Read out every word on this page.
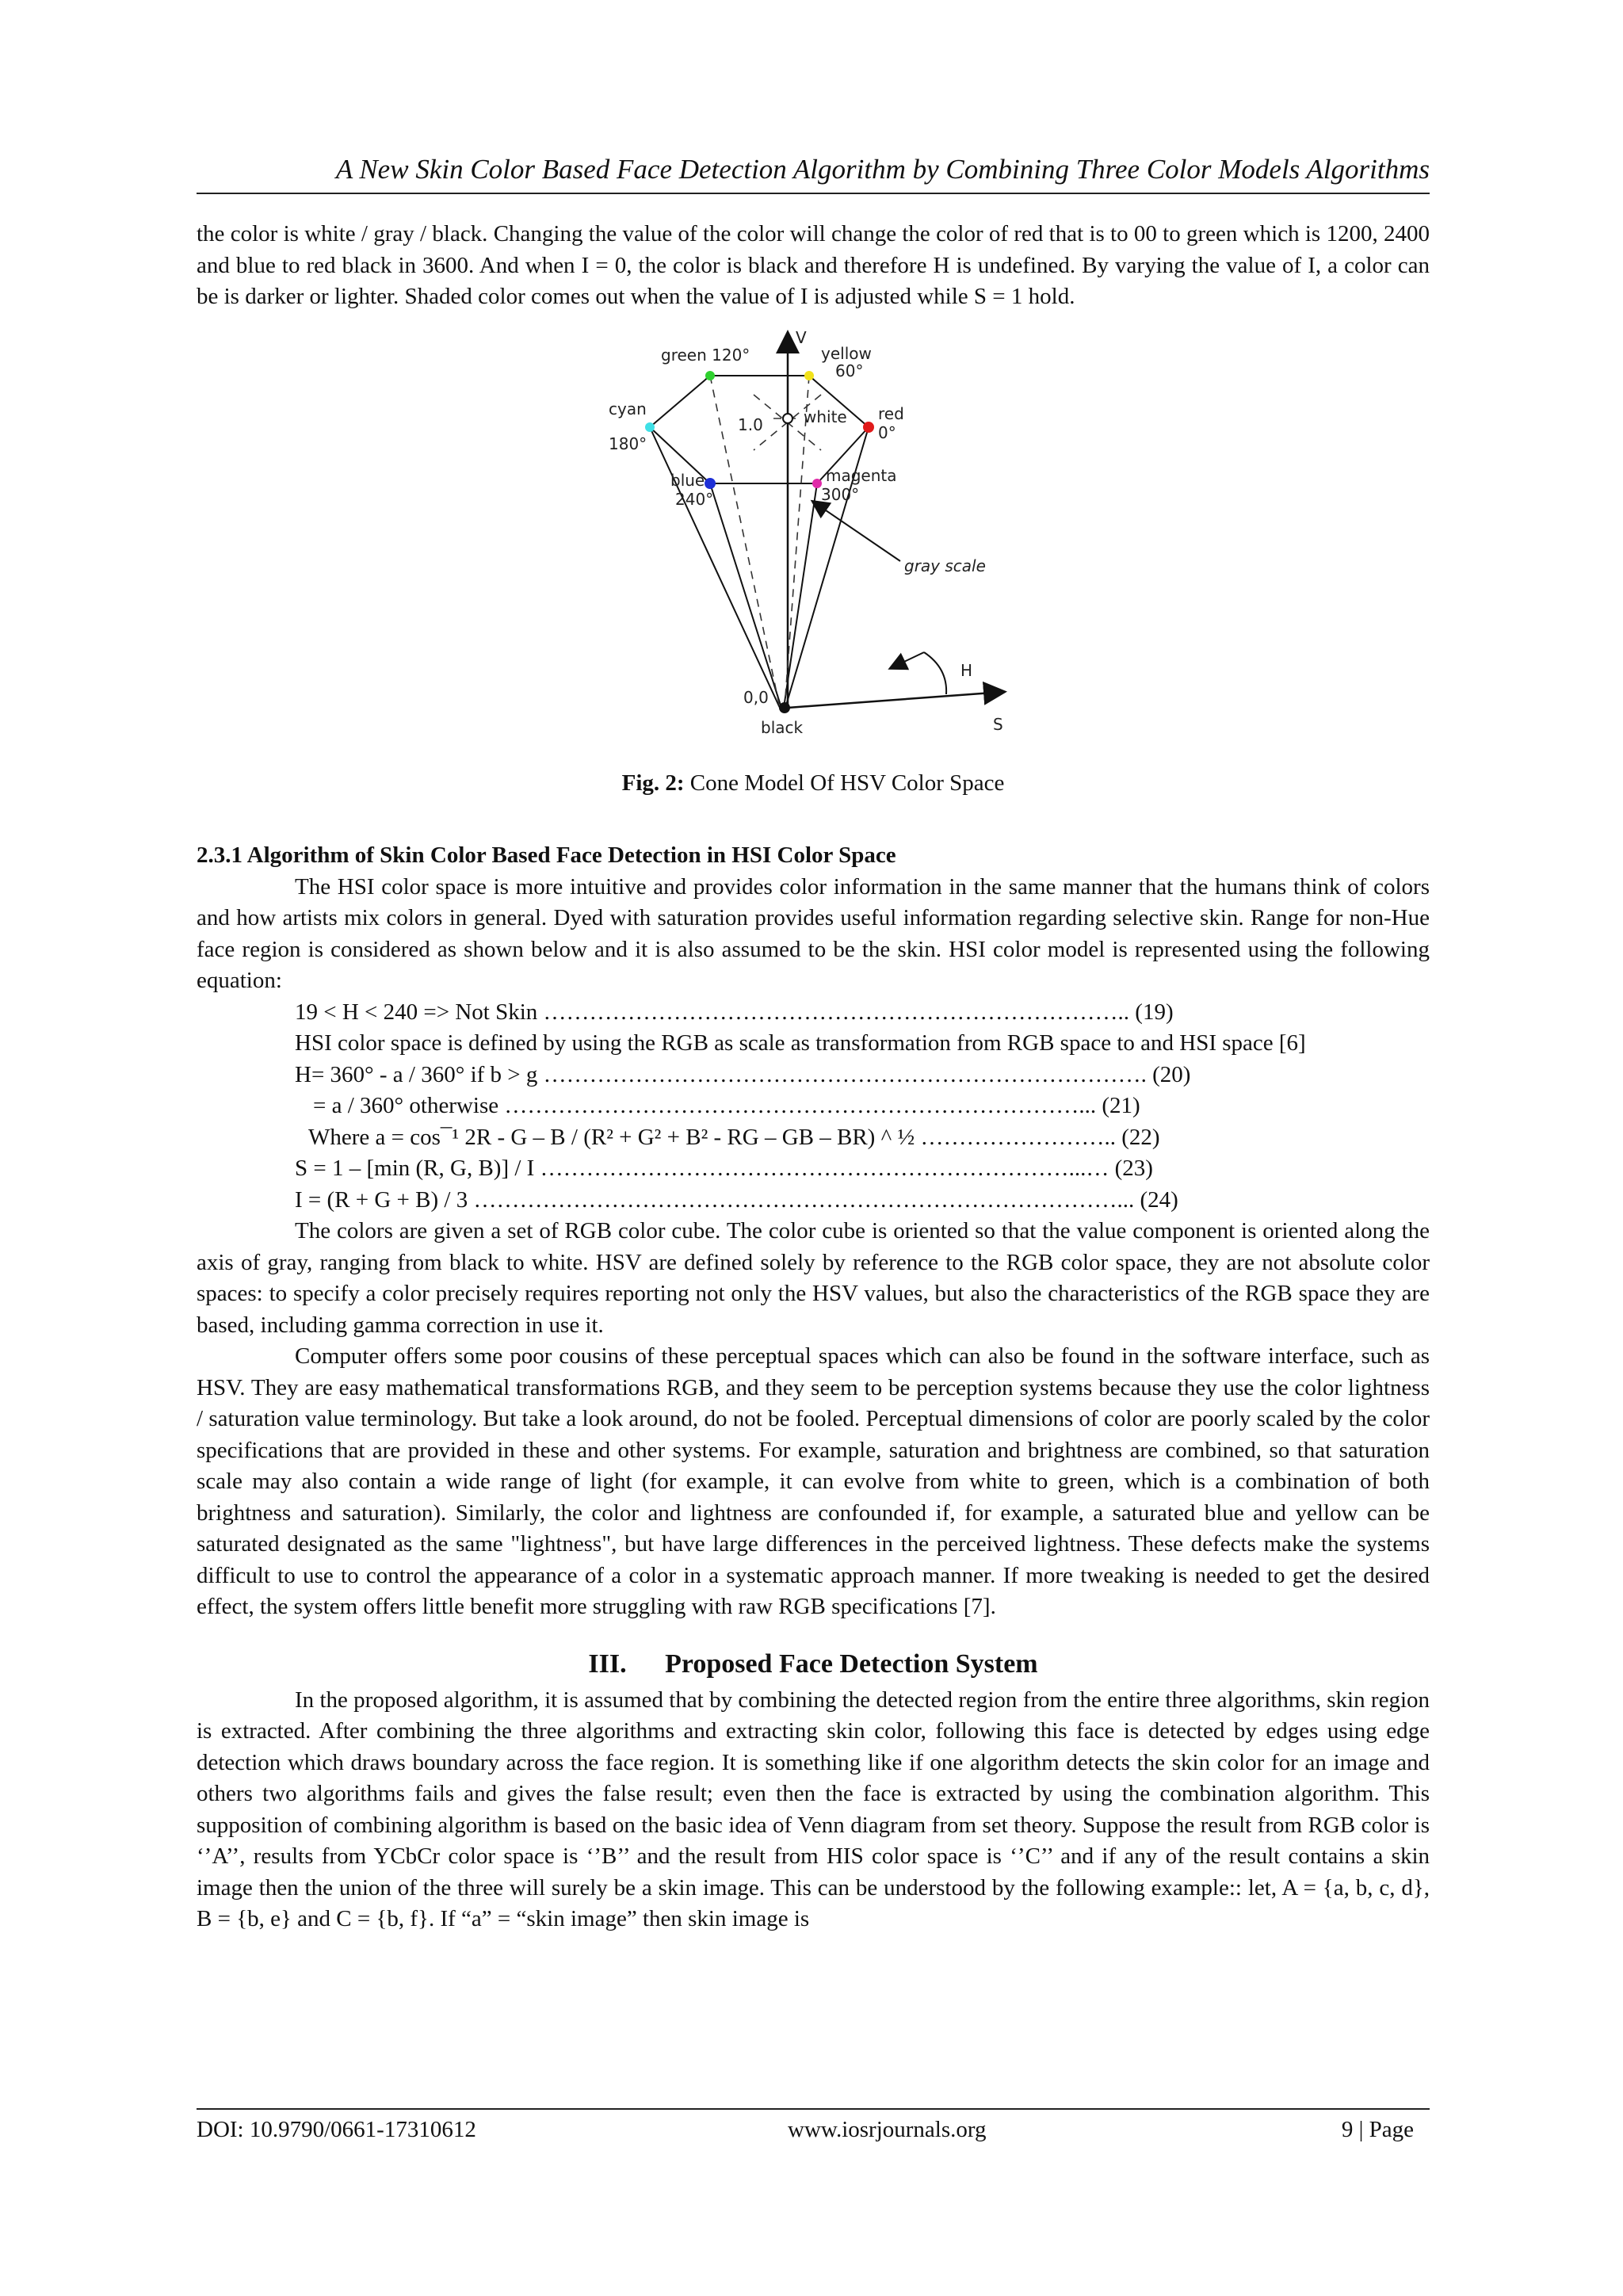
A New Skin Color Based Face Detection Algorithm by Combining Three Color Models Algorithms

the color is white / gray / black. Changing the value of the color will change the color of red that is to 00 to green which is 1200, 2400 and blue to red black in 3600. And when I = 0, the color is black and therefore H is undefined. By varying the value of I, a color can be is darker or lighter. Shaded color comes out when the value of I is adjusted while S = 1 hold.

V
gray scale
S
H
green 120°	yellow
60°
cyan
180°
red
0°
1.0	white
blue
240°
magenta
300°
0,0
black

Fig. 2: Cone Model Of HSV Color Space

2.3.1 Algorithm of Skin Color Based Face Detection in HSI Color Space

The HSI color space is more intuitive and provides color information in the same manner that the humans think of colors and how artists mix colors in general. Dyed with saturation provides useful information regarding selective skin. Range for non-Hue face region is considered as shown below and it is also assumed to be the skin. HSI color model is represented using the following equation:

19 < H < 240 => Not Skin ………………………………………………………………….. (19)

HSI color space is defined by using the RGB as scale as transformation from RGB space to and HSI space [6]

H= 360° - a / 360° if b > g ……………………………………………………………………. (20)

= a / 360° otherwise …………………………………………………………………... (21)

Where a = cos¯¹ 2R - G – B / (R² + G² + B² - RG – GB – BR) ^ ½ …………………….. (22)

S = 1 – [min (R, G, B)] / I ……………………………………………………………...… (23)

I = (R + G + B) / 3 …………………………………………………………………………... (24)

The colors are given a set of RGB color cube. The color cube is oriented so that the value component is oriented along the axis of gray, ranging from black to white. HSV are defined solely by reference to the RGB color space, they are not absolute color spaces: to specify a color precisely requires reporting not only the HSV values, but also the characteristics of the RGB space they are based, including gamma correction in use it.

Computer offers some poor cousins of these perceptual spaces which can also be found in the software interface, such as HSV. They are easy mathematical transformations RGB, and they seem to be perception systems because they use the color lightness / saturation value terminology. But take a look around, do not be fooled. Perceptual dimensions of color are poorly scaled by the color specifications that are provided in these and other systems. For example, saturation and brightness are combined, so that saturation scale may also contain a wide range of light (for example, it can evolve from white to green, which is a combination of both brightness and saturation). Similarly, the color and lightness are confounded if, for example, a saturated blue and yellow can be saturated designated as the same "lightness", but have large differences in the perceived lightness. These defects make the systems difficult to use to control the appearance of a color in a systematic approach manner. If more tweaking is needed to get the desired effect, the system offers little benefit more struggling with raw RGB specifications [7].

III. Proposed Face Detection System

In the proposed algorithm, it is assumed that by combining the detected region from the entire three algorithms, skin region is extracted. After combining the three algorithms and extracting skin color, following this face is detected by edges using edge detection which draws boundary across the face region. It is something like if one algorithm detects the skin color for an image and others two algorithms fails and gives the false result; even then the face is extracted by using the combination algorithm. This supposition of combining algorithm is based on the basic idea of Venn diagram from set theory. Suppose the result from RGB color is ‘’A’’, results from YCbCr color space is ‘’B’’ and the result from HIS color space is ‘’C’’ and if any of the result contains a skin image then the union of the three will surely be a skin image. This can be understood by the following example:: let, A = {a, b, c, d}, B = {b, e} and C = {b, f}. If “a” = “skin image” then skin image is

DOI: 10.9790/0661-17310612	www.iosrjournals.org	9 | Page
